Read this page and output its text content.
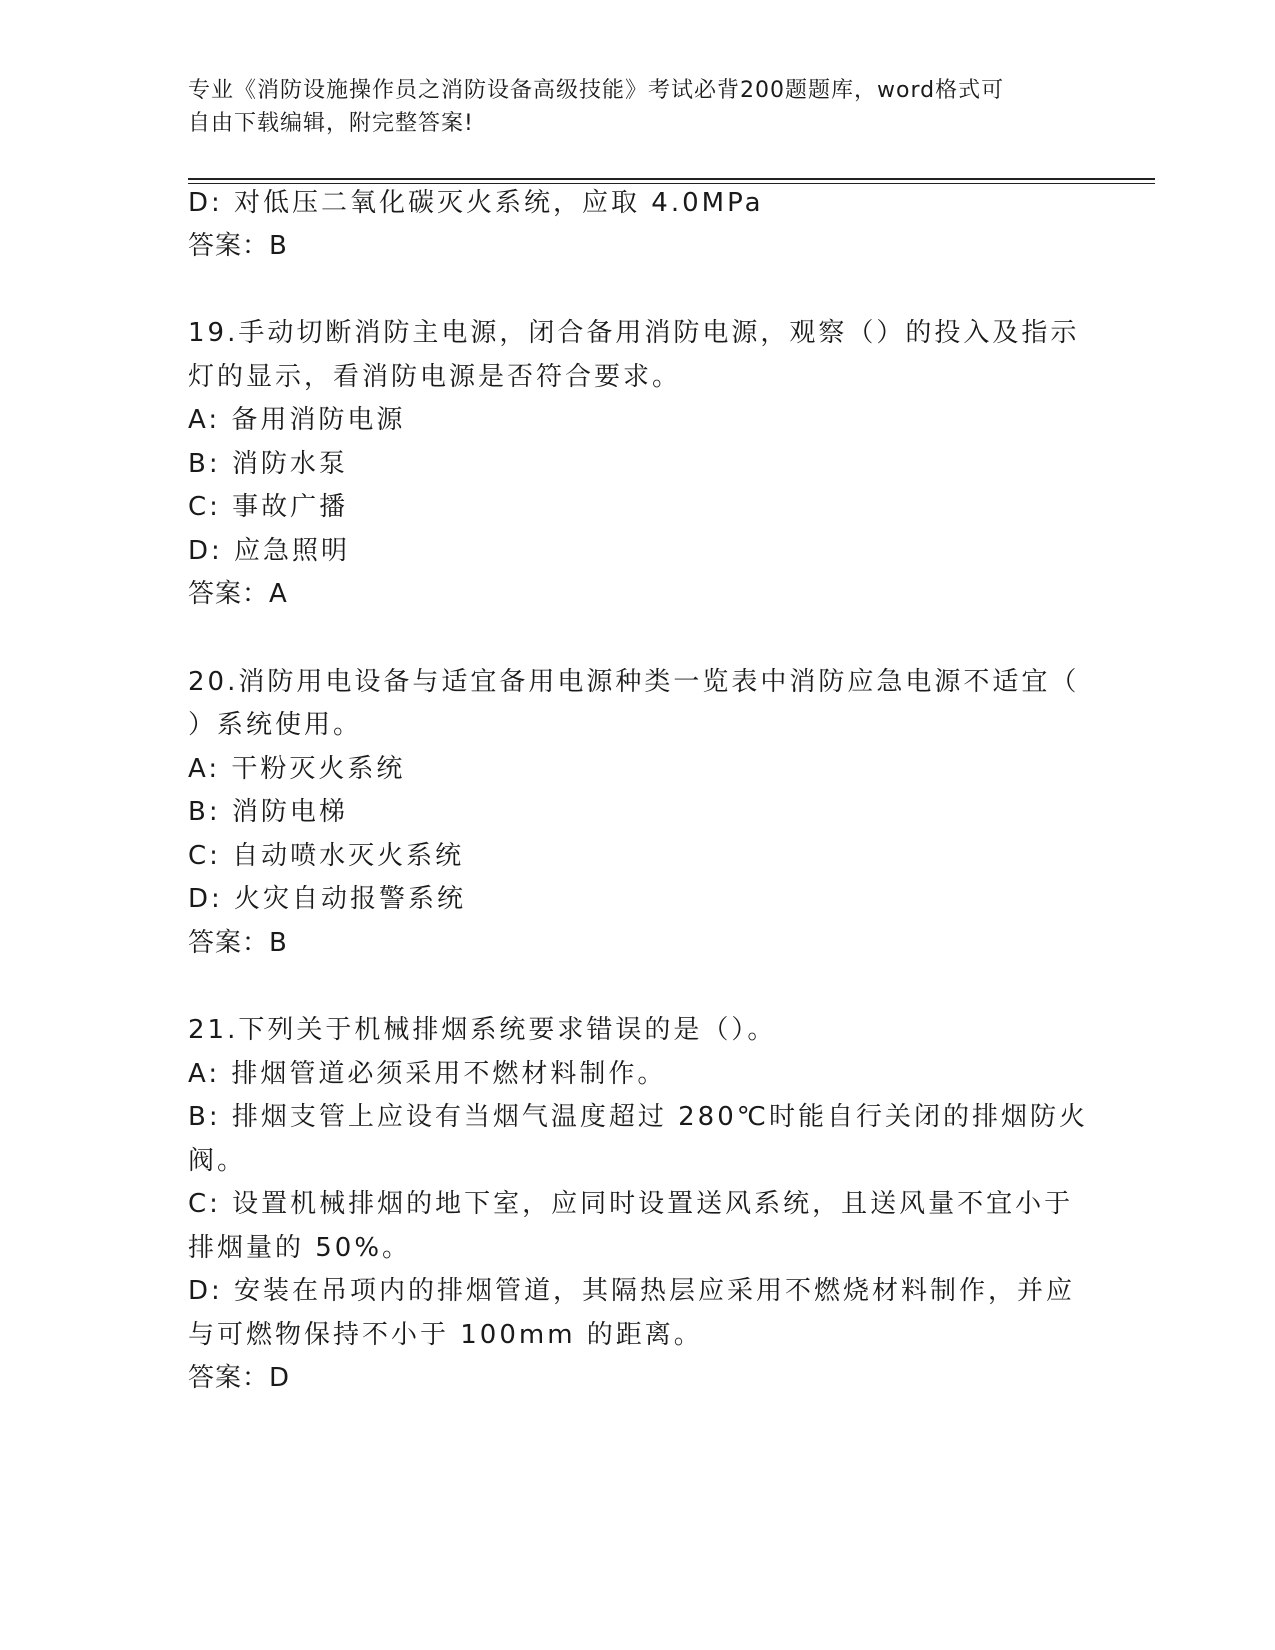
专业《消防设施操作员之消防设备高级技能》考试必背200题题库，word格式可
自由下载编辑，附完整答案!
D: 对低压二氧化碳灭火系统，应取 4.0MPa
答案：B
19.手动切断消防主电源，闭合备用消防电源，观察（）的投入及指示
灯的显示，看消防电源是否符合要求。
A: 备用消防电源
B: 消防水泵
C: 事故广播
D: 应急照明
答案：A
20.消防用电设备与适宜备用电源种类一览表中消防应急电源不适宜（
）系统使用。
A: 干粉灭火系统
B: 消防电梯
C: 自动喷水灭火系统
D: 火灾自动报警系统
答案：B
21.下列关于机械排烟系统要求错误的是（）。
A: 排烟管道必须采用不燃材料制作。
B: 排烟支管上应设有当烟气温度超过 280℃时能自行关闭的排烟防火
阀。
C: 设置机械排烟的地下室，应同时设置送风系统，且送风量不宜小于
排烟量的 50%。
D: 安装在吊项内的排烟管道，其隔热层应采用不燃烧材料制作，并应
与可燃物保持不小于 100mm 的距离。
答案：D
